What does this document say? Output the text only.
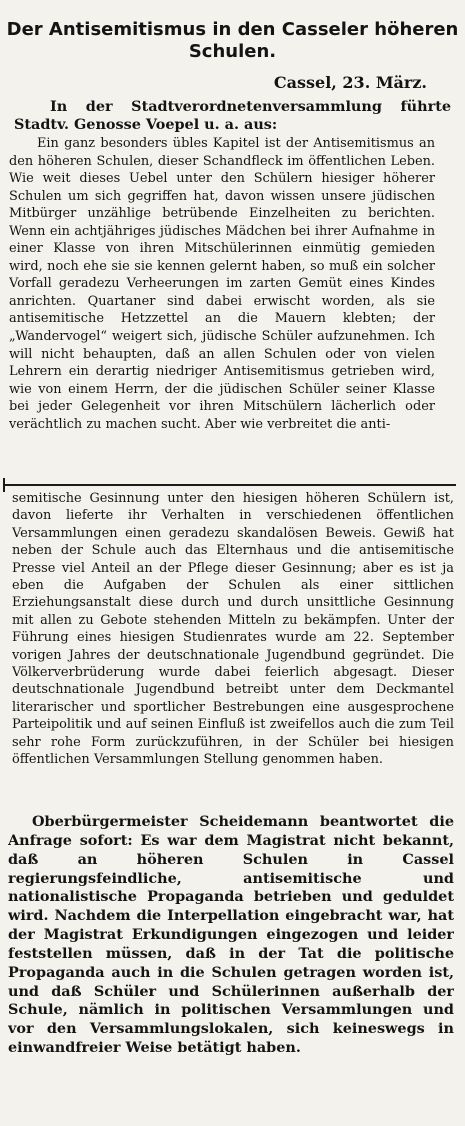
Der Antisemitismus in den Casseler höheren Schulen.
Cassel, 23. März.

In der Stadtverordnetenversammlung führte Stadtv. Genosse Voepel u. a. aus:

Ein ganz besonders übles Kapitel ist der Antisemitismus an den höheren Schulen, dieser Schandfleck im öffentlichen Leben. Wie weit dieses Uebel unter den Schülern hiesiger höherer Schulen um sich gegriffen hat, davon wissen unsere jüdischen Mitbürger unzählige betrübende Einzelheiten zu berichten. Wenn ein achtjähriges jüdisches Mädchen bei ihrer Aufnahme in einer Klasse von ihren Mitschülerinnen einmütig gemieden wird, noch ehe sie sie kennen gelernt haben, so muß ein solcher Vorfall geradezu Verheerungen im zarten Gemüt eines Kindes anrichten. Quartaner sind dabei erwischt worden, als sie antisemitische Hetzzettel an die Mauern klebten; der „Wandervogel“ weigert sich, jüdische Schüler aufzunehmen. Ich will nicht behaupten, daß an allen Schulen oder von vielen Lehrern ein derartig niedriger Antisemitismus getrieben wird, wie von einem Herrn, der die jüdischen Schüler seiner Klasse bei jeder Gelegenheit vor ihren Mitschülern lächerlich oder verächtlich zu machen sucht. Aber wie verbreitet die anti-

semitische Gesinnung unter den hiesigen höheren Schülern ist, davon lieferte ihr Verhalten in verschiedenen öffentlichen Versammlungen einen geradezu skandalösen Beweis. Gewiß hat neben der Schule auch das Elternhaus und die antisemitische Presse viel Anteil an der Pflege dieser Gesinnung; aber es ist ja eben die Aufgaben der Schulen als einer sittlichen Erziehungsanstalt diese durch und durch unsittliche Gesinnung mit allen zu Gebote stehenden Mitteln zu bekämpfen. Unter der Führung eines hiesigen Studienrates wurde am 22. September vorigen Jahres der deutschnationale Jugendbund gegründet. Die Völkerverbrüderung wurde dabei feierlich abgesagt. Dieser deutschnationale Jugendbund betreibt unter dem Deckmantel literarischer und sportlicher Bestrebungen eine ausgesprochene Parteipolitik und auf seinen Einfluß ist zweifellos auch die zum Teil sehr rohe Form zurückzuführen, in der Schüler bei hiesigen öffentlichen Versammlungen Stellung genommen haben.

Oberbürgermeister Scheidemann beantwortet die Anfrage sofort: Es war dem Magistrat nicht bekannt, daß an höheren Schulen in Cassel regierungsfeindliche, antisemitische und nationalistische Propaganda betrieben und geduldet wird. Nachdem die Interpellation eingebracht war, hat der Magistrat Erkundigungen eingezogen und leider feststellen müssen, daß in der Tat die politische Propaganda auch in die Schulen getragen worden ist, und daß Schüler und Schülerinnen außerhalb der Schule, nämlich in politischen Versammlungen und vor den Versammlungslokalen, sich keineswegs in einwandfreier Weise betätigt haben.
